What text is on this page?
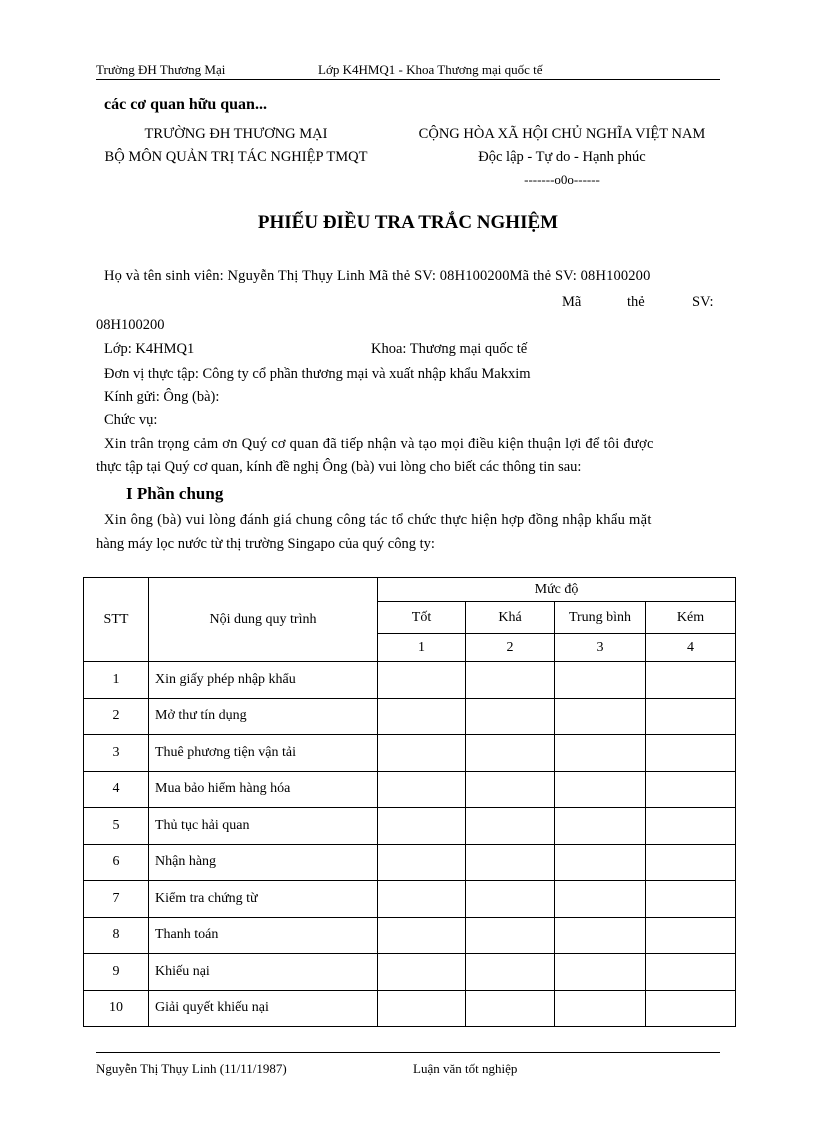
Trường ĐH Thương Mại	Lớp K4HMQ1 - Khoa Thương mại quốc tế
các cơ quan hữu quan...
TRƯỜNG ĐH THƯƠNG MẠI
BỘ MÔN QUẢN TRỊ TÁC NGHIỆP TMQT
CỘNG HÒA XÃ HỘI CHỦ NGHĨA VIỆT NAM
Độc lập - Tự do - Hạnh phúc
-------o0o------
PHIẾU ĐIỀU TRA TRẮC NGHIỆM
Họ và tên sinh viên: Nguyễn Thị Thụy Linh Mã thẻ SV: 08H100200Mã thẻ SV: 08H100200
Mã	thẻ	SV:
08H100200
Lớp: K4HMQ1	Khoa: Thương mại quốc tế
Đơn vị thực tập: Công ty cổ phần thương mại và xuất nhập khẩu Makxim
Kính gửi: Ông (bà):
Chức vụ:
Xin trân trọng cảm ơn Quý cơ quan đã tiếp nhận và tạo mọi điều kiện thuận lợi để tôi được
thực tập tại Quý cơ quan, kính đề nghị Ông (bà) vui lòng cho biết các thông tin sau:
I Phần chung
Xin ông (bà) vui lòng đánh giá chung công tác tổ chức thực hiện hợp đồng nhập khẩu mặt
hàng máy lọc nước từ thị trường Singapo của quý công ty:
STT	Nội dung quy trình	Mức độ			
		Tốt	Khá	Trung bình	Kém
		1	2	3	4
1	Xin giấy phép nhập khẩu				
2	Mở thư tín dụng				
3	Thuê phương tiện vận tải				
4	Mua bảo hiểm hàng hóa				
5	Thủ tục hải quan				
6	Nhận hàng				
7	Kiểm tra chứng từ				
8	Thanh toán				
9	Khiếu nại				
10	Giải quyết khiếu nại				
Nguyễn Thị Thụy Linh (11/11/1987)	Luận văn tốt nghiệp
